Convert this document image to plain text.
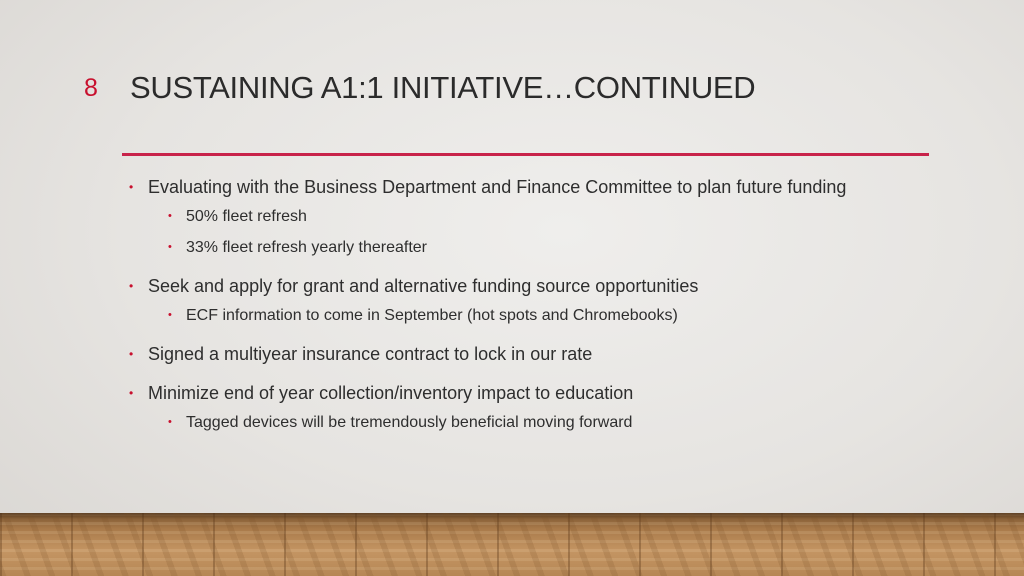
8 SUSTAINING A1:1 INITIATIVE…CONTINUED
• Evaluating with the Business Department and Finance Committee to plan future funding
• 50% fleet refresh
• 33% fleet refresh yearly thereafter
• Seek and apply for grant and alternative funding source opportunities
• ECF information to come in September (hot spots and Chromebooks)
• Signed a multiyear insurance contract to lock in our rate
• Minimize end of year collection/inventory impact to education
• Tagged devices will be tremendously beneficial moving forward
